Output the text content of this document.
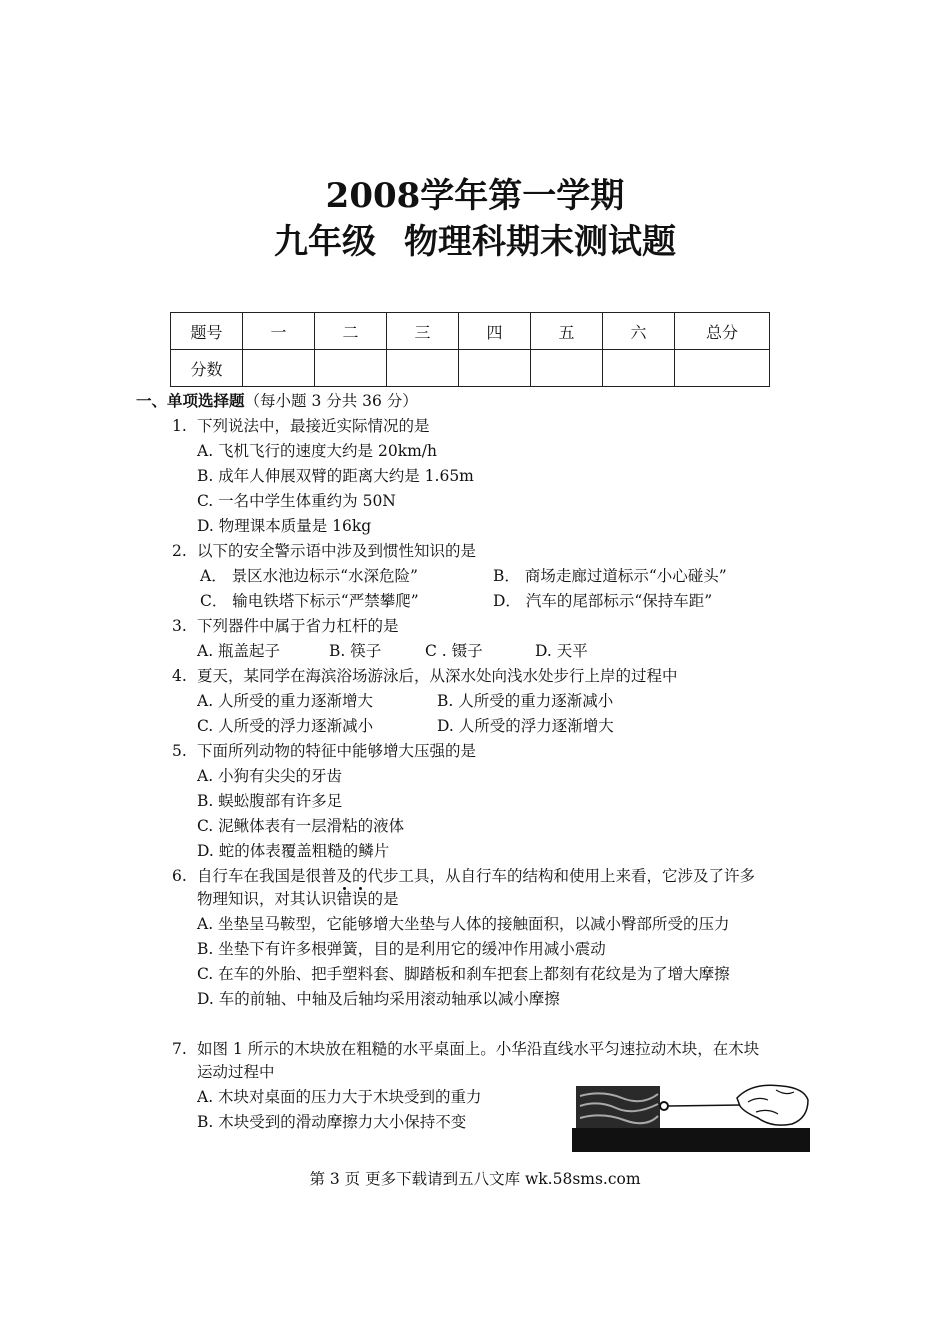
2008学年第一学期
九年级 物理科期末测试题
题号	一	二	三	四	五	六	总分
分数							
一、单项选择题（每小题 3 分共 36 分）
1. 下列说法中，最接近实际情况的是
A. 飞机飞行的速度大约是 20km/h
B. 成年人伸展双臂的距离大约是 1.65m
C. 一名中学生体重约为 50N
D. 物理课本质量是 16kg
2. 以下的安全警示语中涉及到惯性知识的是
A． 景区水池边标示“水深危险”	B． 商场走廊过道标示“小心碰头”
C． 输电铁塔下标示“严禁攀爬”	D． 汽车的尾部标示“保持车距”
3. 下列器件中属于省力杠杆的是
A. 瓶盖起子	B. 筷子	C . 镊子	D. 天平
4. 夏天，某同学在海滨浴场游泳后，从深水处向浅水处步行上岸的过程中
A. 人所受的重力逐渐增大	B. 人所受的重力逐渐减小
C. 人所受的浮力逐渐减小	D. 人所受的浮力逐渐增大
5. 下面所列动物的特征中能够增大压强的是
A. 小狗有尖尖的牙齿
B. 蜈蚣腹部有许多足
C. 泥鳅体表有一层滑粘的液体
D. 蛇的体表覆盖粗糙的鳞片
6. 自行车在我国是很普及的代步工具，从自行车的结构和使用上来看，它涉及了许多
物理知识，对其认识错误的是
A. 坐垫呈马鞍型，它能够增大坐垫与人体的接触面积，以减小臀部所受的压力
B. 坐垫下有许多根弹簧，目的是利用它的缓冲作用减小震动
C. 在车的外胎、把手塑料套、脚踏板和刹车把套上都刻有花纹是为了增大摩擦
D. 车的前轴、中轴及后轴均采用滚动轴承以减小摩擦
7. 如图 1 所示的木块放在粗糙的水平桌面上。小华沿直线水平匀速拉动木块，在木块
运动过程中
A. 木块对桌面的压力大于木块受到的重力
B. 木块受到的滑动摩擦力大小保持不变
第 3 页 更多下载请到五八文库 wk.58sms.com
